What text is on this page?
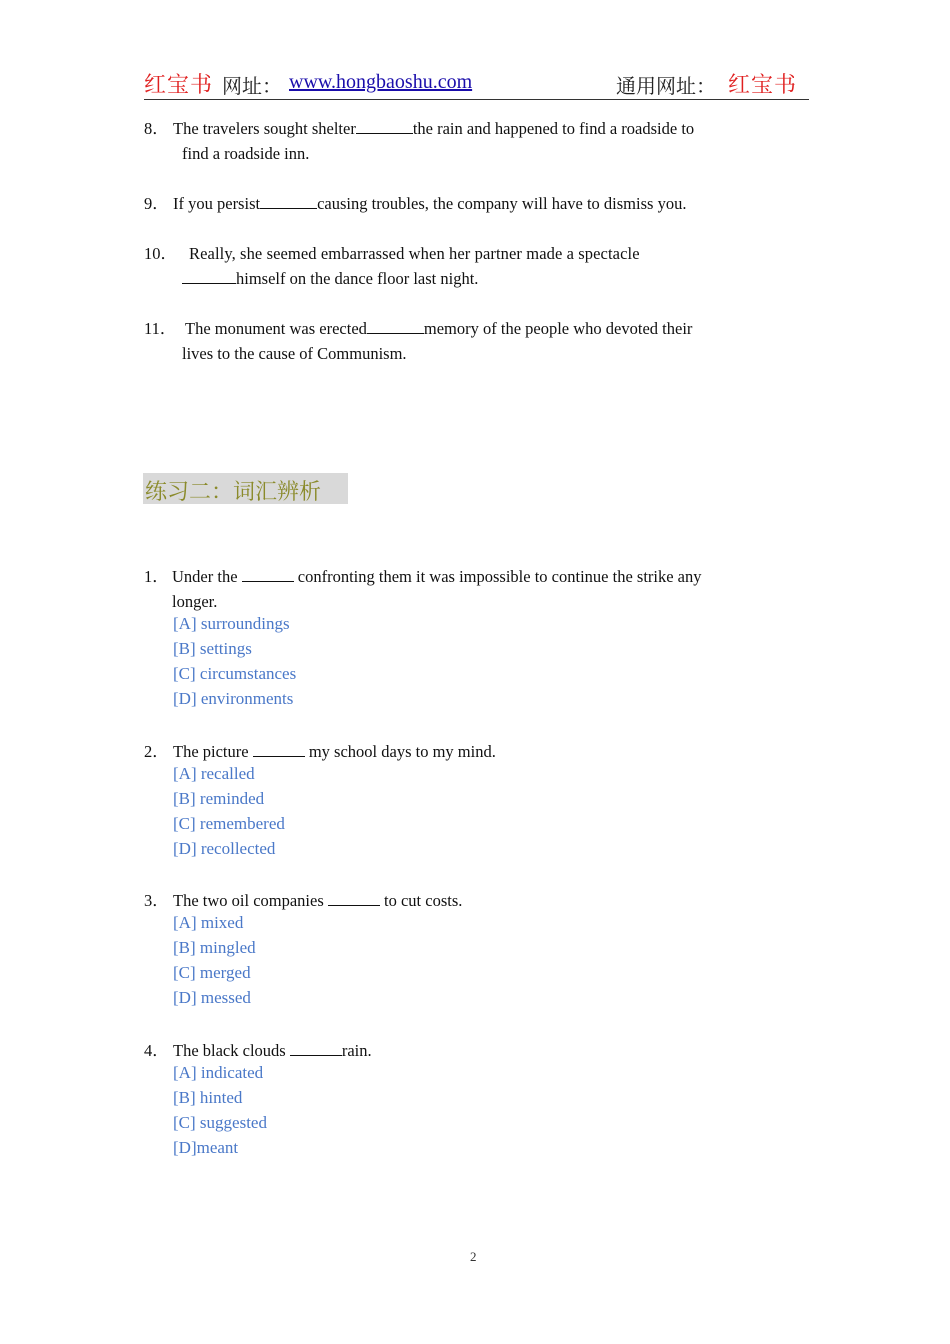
红宝书 网址： www.hongbaoshu.com	通用网址： 红宝书
8． The travelers sought shelter	the rain and happened to find a roadside to
find a roadside inn.
9． If you persist	causing troubles, the company will have to dismiss you.
10． Really, she seemed embarrassed when her partner made a spectacle
himself on the dance floor last night.
11． The monument was erected	memory of the people who devoted their
lives to the cause of Communism.
练习二：词汇辨析
1． Under the	confronting them it was impossible to continue the strike any
longer.
[A] surroundings
[B] settings
[C] circumstances
[D] environments
2． The picture	my school days to my mind.
[A] recalled
[B] reminded
[C] remembered
[D] recollected
3． The two oil companies	to cut costs.
[A] mixed
[B] mingled
[C] merged
[D] messed
4． The black clouds	rain.
[A] indicated
[B] hinted
[C] suggested
[D]meant
2
